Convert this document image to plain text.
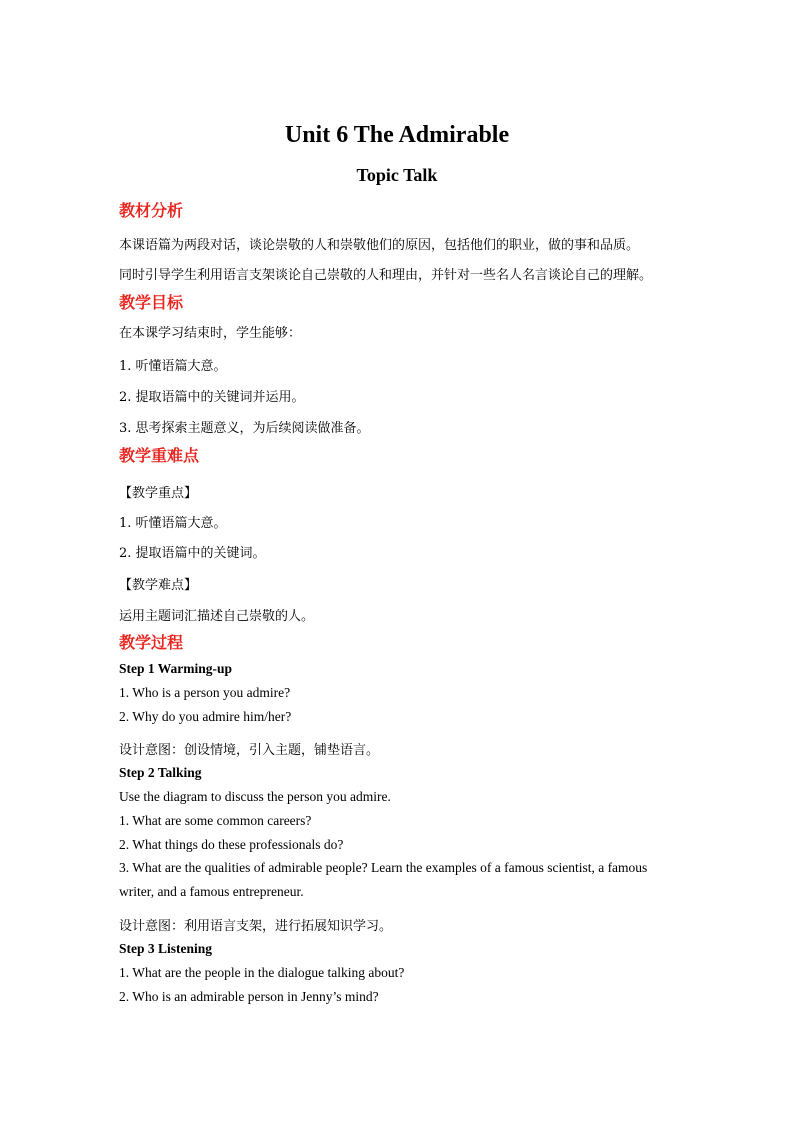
Unit 6 The Admirable
Topic Talk
教材分析

本课语篇为两段对话，谈论崇敬的人和崇敬他们的原因，包括他们的职业，做的事和品质。

同时引导学生利用语言支架谈论自己崇敬的人和理由，并针对一些名人名言谈论自己的理解。

教学目标

在本课学习结束时，学生能够：

1. 听懂语篇大意。

2. 提取语篇中的关键词并运用。

3. 思考探索主题意义，为后续阅读做准备。

教学重难点

【教学重点】

1. 听懂语篇大意。

2. 提取语篇中的关键词。

【教学难点】

运用主题词汇描述自己崇敬的人。

教学过程
Step 1 Warming-up

1. Who is a person you admire?

2. Why do you admire him/her?

设计意图：创设情境，引入主题，铺垫语言。

Step 2 Talking

Use the diagram to discuss the person you admire.

1. What are some common careers?

2. What things do these professionals do?

3. What are the qualities of admirable people? Learn the examples of a famous scientist, a famous writer, and a famous entrepreneur.

设计意图：利用语言支架，进行拓展知识学习。

Step 3 Listening

1. What are the people in the dialogue talking about?

2. Who is an admirable person in Jenny’s mind?
